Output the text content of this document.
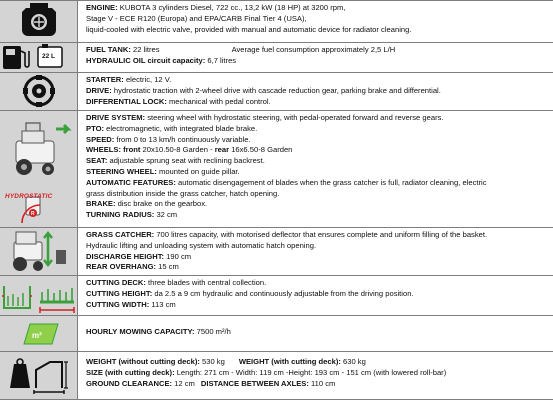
ENGINE: KUBOTA 3 cylinders Diesel, 722 cc., 13,2 kW (18 HP) at 3200 rpm,
Stage V - ECE R120 (Europa) and EPA/CARB Final Tier 4 (USA),
liquid-cooled with electric valve, provided with manual and automatic device for radiator cleaning.
22 L
FUEL TANK: 22 litres	Average fuel consumption approximately 2,5 L/H
HYDRAULIC OIL circuit capacity: 6,7 litres
STARTER: electric, 12 V.
DRIVE: hydrostatic traction with 2-wheel drive with cascade reduction gear, parking brake and differential.
DIFFERENTIAL LOCK: mechanical with pedal control.
R
HYDROSTATIC
DRIVE SYSTEM: steering wheel with hydrostatic steering, with pedal-operated forward and reverse gears.
PTO: electromagnetic, with integrated blade brake.
SPEED: from 0 to 13 km/h continuously variable.
WHEELS: front 20x10.50-8 Garden - rear 16x6.50-8 Garden
SEAT: adjustable sprung seat with reclining backrest.
STEERING WHEEL: mounted on guide pillar.
AUTOMATIC FEATURES: automatic disengagement of blades when the grass catcher is full, radiator cleaning, electric
grass distribution inside the grass catcher, hatch opening.
BRAKE: disc brake on the gearbox.
TURNING RADIUS: 32 cm
GRASS CATCHER: 700 litres capacity, with motorised deflector that ensures complete and uniform filling of the basket.
Hydraulic lifting and unloading system with automatic hatch opening.
DISCHARGE HEIGHT: 190 cm
REAR OVERHANG: 15 cm
CUTTING DECK: three blades with central collection.
CUTTING HEIGHT: da 2.5 a 9 cm hydraulic and continuously adjustable from the driving position.
CUTTING WIDTH: 113 cm
m²	HOURLY MOWING CAPACITY: 7500 m²/h
WEIGHT (without cutting deck): 530 kg WEIGHT (with cutting deck): 630 kg
SIZE (with cutting deck): Length: 271 cm - Width: 119 cm -Height: 193 cm - 151 cm (with lowered roll-bar)
GROUND CLEARANCE: 12 cm DISTANCE BETWEEN AXLES: 110 cm
